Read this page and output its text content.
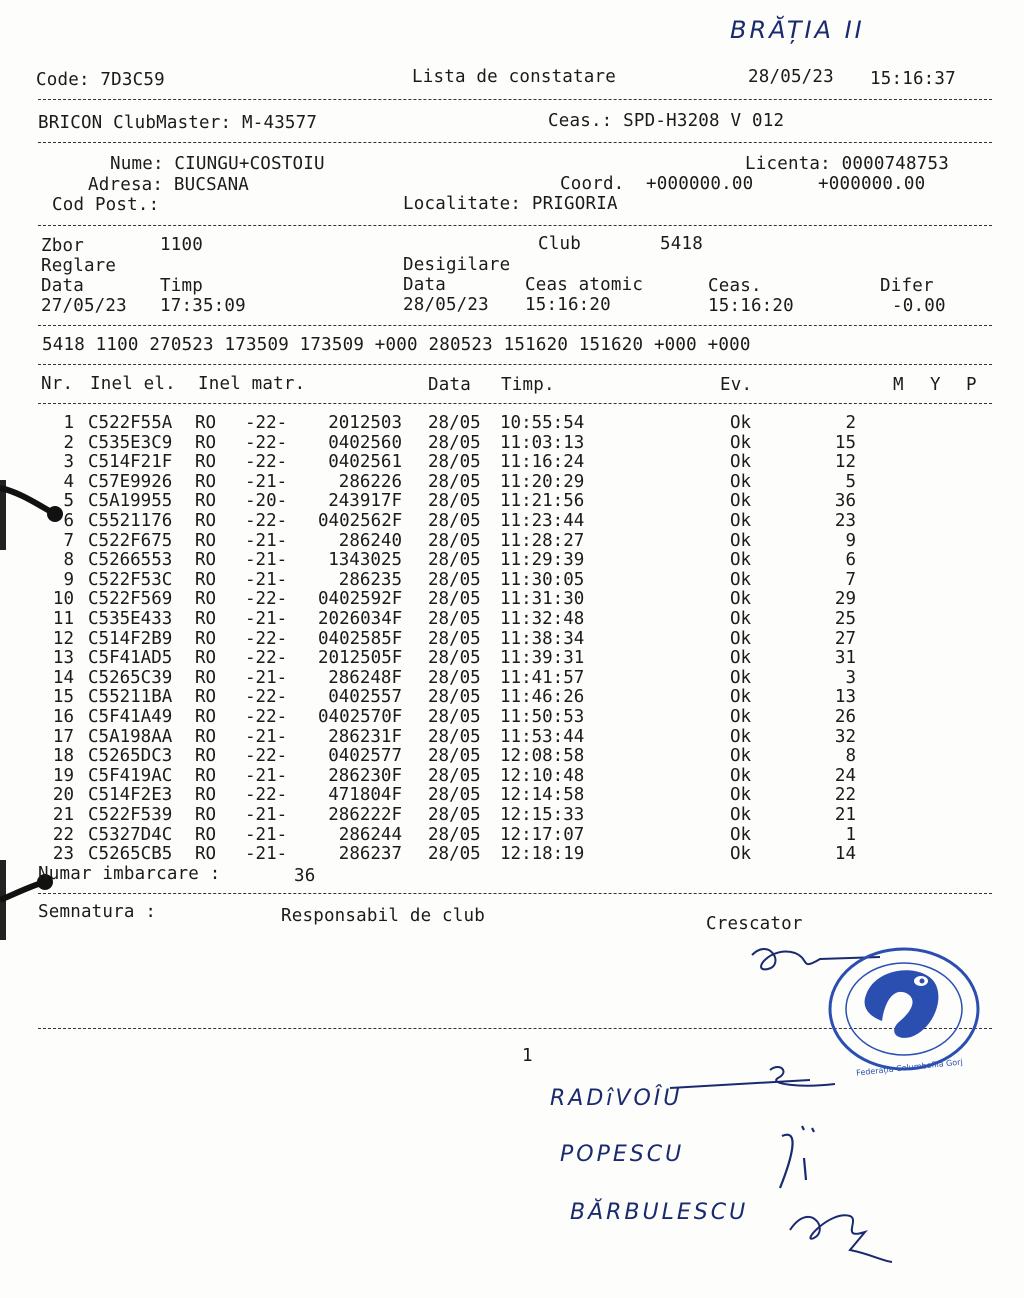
BRĂȚIA II
Code: 7D3C59	Lista de constatare	28/05/23 15:16:37
BRICON ClubMaster: M-43577	Ceas.: SPD-H3208 V 012
Nume: CIUNGU+COSTOIU	Licenta: 0000748753
Adresa: BUCSANA	Coord. +000000.00	+000000.00
Cod Post.:	Localitate: PRIGORIA
Zbor	1100	Club	5418
Reglare	Desigilare
Data	Timp	Data	Ceas atomic	Ceas.	Difer
27/05/23 17:35:09	28/05/23 15:16:20	15:16:20	-0.00
5418 1100 270523 173509 173509 +000 280523 151620 151620 +000 +000
Nr. Inel el. Inel matr.	Data Timp.	Ev.	M Y P
1 C522F55A RO -22-	2012503 28/05 10:55:54	Ok	2
2 C535E3C9 RO -22-	0402560 28/05 11:03:13	Ok	15
3 C514F21F RO -22-	0402561 28/05 11:16:24	Ok	12
4 C57E9926 RO -21-	286226 28/05 11:20:29	Ok	5
5 C5A19955 RO -20-	243917F 28/05 11:21:56	Ok	36
6 C5521176 RO -22- 0402562F 28/05 11:23:44	Ok	23
7 C522F675 RO -21-	286240 28/05 11:28:27	Ok	9
8 C5266553 RO -21-	1343025 28/05 11:29:39	Ok	6
9 C522F53C RO -21-	286235 28/05 11:30:05	Ok	7
10 C522F569 RO -22- 0402592F 28/05 11:31:30	Ok	29
11 C535E433 RO -21- 2026034F 28/05 11:32:48	Ok	25
12 C514F2B9 RO -22- 0402585F 28/05 11:38:34	Ok	27
13 C5F41AD5 RO -22- 2012505F 28/05 11:39:31	Ok	31
14 C5265C39 RO -21-	286248F 28/05 11:41:57	Ok	3
15 C55211BA RO -22-	0402557 28/05 11:46:26	Ok	13
16 C5F41A49 RO -22- 0402570F 28/05 11:50:53	Ok	26
17 C5A198AA RO -21-	286231F 28/05 11:53:44	Ok	32
18 C5265DC3 RO -22-	0402577 28/05 12:08:58	Ok	8
19 C5F419AC RO -21-	286230F 28/05 12:10:48	Ok	24
20 C514F2E3 RO -22-	471804F 28/05 12:14:58	Ok	22
21 C522F539 RO -21-	286222F 28/05 12:15:33	Ok	21
22 C5327D4C RO -21-	286244 28/05 12:17:07	Ok	1
23 C5265CB5 RO -21-	286237 28/05 12:18:19	Ok	14
Numar imbarcare :	36
Semnatura :	Responsabil de club	Crescator
1
Federația Columbofilă Gorj
RADîVOÎU
POPESCU
BĂRBULESCU
